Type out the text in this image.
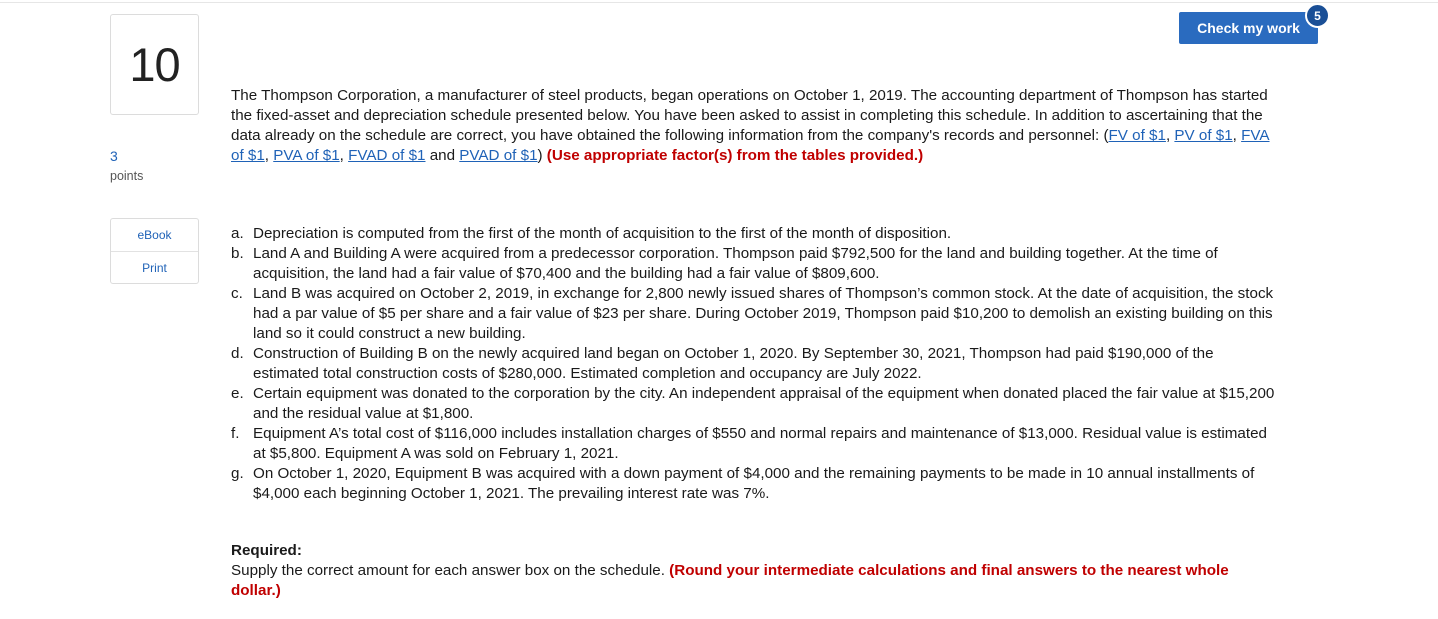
10
3
points
eBook
Print
Check my work
5

The Thompson Corporation, a manufacturer of steel products, began operations on October 1, 2019. The accounting department of Thompson has started the fixed-asset and depreciation schedule presented below. You have been asked to assist in completing this schedule. In addition to ascertaining that the data already on the schedule are correct, you have obtained the following information from the company's records and personnel: (FV of $1, PV of $1, FVA of $1, PVA of $1, FVAD of $1 and PVAD of $1) (Use appropriate factor(s) from the tables provided.)

a. Depreciation is computed from the first of the month of acquisition to the first of the month of disposition.
b. Land A and Building A were acquired from a predecessor corporation. Thompson paid $792,500 for the land and building together. At the time of acquisition, the land had a fair value of $70,400 and the building had a fair value of $809,600.
c. Land B was acquired on October 2, 2019, in exchange for 2,800 newly issued shares of Thompson’s common stock. At the date of acquisition, the stock had a par value of $5 per share and a fair value of $23 per share. During October 2019, Thompson paid $10,200 to demolish an existing building on this land so it could construct a new building.
d. Construction of Building B on the newly acquired land began on October 1, 2020. By September 30, 2021, Thompson had paid $190,000 of the estimated total construction costs of $280,000. Estimated completion and occupancy are July 2022.
e. Certain equipment was donated to the corporation by the city. An independent appraisal of the equipment when donated placed the fair value at $15,200 and the residual value at $1,800.
f. Equipment A’s total cost of $116,000 includes installation charges of $550 and normal repairs and maintenance of $13,000. Residual value is estimated at $5,800. Equipment A was sold on February 1, 2021.
g. On October 1, 2020, Equipment B was acquired with a down payment of $4,000 and the remaining payments to be made in 10 annual installments of $4,000 each beginning October 1, 2021. The prevailing interest rate was 7%.
Required:

Supply the correct amount for each answer box on the schedule. (Round your intermediate calculations and final answers to the nearest whole dollar.)
